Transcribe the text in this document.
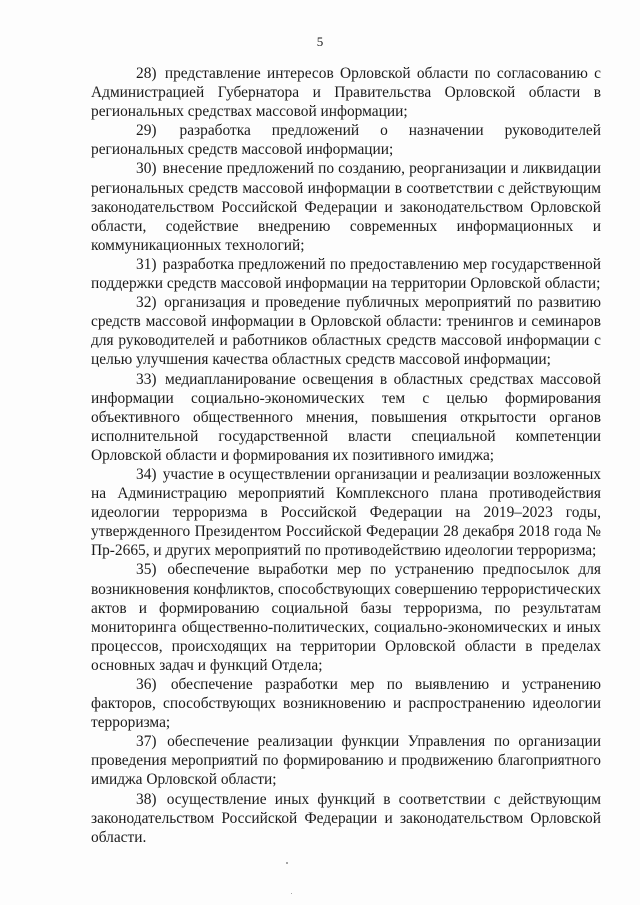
5

28) представление интересов Орловской области по согласованию с Администрацией Губернатора и Правительства Орловской области в региональных средствах массовой информации;

29) разработка предложений о назначении руководителей региональных средств массовой информации;

30) внесение предложений по созданию, реорганизации и ликвидации региональных средств массовой информации в соответствии с действующим законодательством Российской Федерации и законодательством Орловской области, содействие внедрению современных информационных и коммуникационных технологий;

31) разработка предложений по предоставлению мер государственной поддержки средств массовой информации на территории Орловской области;

32) организация и проведение публичных мероприятий по развитию средств массовой информации в Орловской области: тренингов и семинаров для руководителей и работников областных средств массовой информации с целью улучшения качества областных средств массовой информации;

33) медиапланирование освещения в областных средствах массовой информации социально-экономических тем с целью формирования объективного общественного мнения, повышения открытости органов исполнительной государственной власти специальной компетенции Орловской области и формирования их позитивного имиджа;

34) участие в осуществлении организации и реализации возложенных на Администрацию мероприятий Комплексного плана противодействия идеологии терроризма в Российской Федерации на 2019–2023 годы, утвержденного Президентом Российской Федерации 28 декабря 2018 года № Пр-2665, и других мероприятий по противодействию идеологии терроризма;

35) обеспечение выработки мер по устранению предпосылок для возникновения конфликтов, способствующих совершению террористических актов и формированию социальной базы терроризма, по результатам мониторинга общественно-политических, социально-экономических и иных процессов, происходящих на территории Орловской области в пределах основных задач и функций Отдела;

36) обеспечение разработки мер по выявлению и устранению факторов, способствующих возникновению и распространению идеологии терроризма;

37) обеспечение реализации функции Управления по организации проведения мероприятий по формированию и продвижению благоприятного имиджа Орловской области;

38) осуществление иных функций в соответствии с действующим законодательством Российской Федерации и законодательством Орловской области.
